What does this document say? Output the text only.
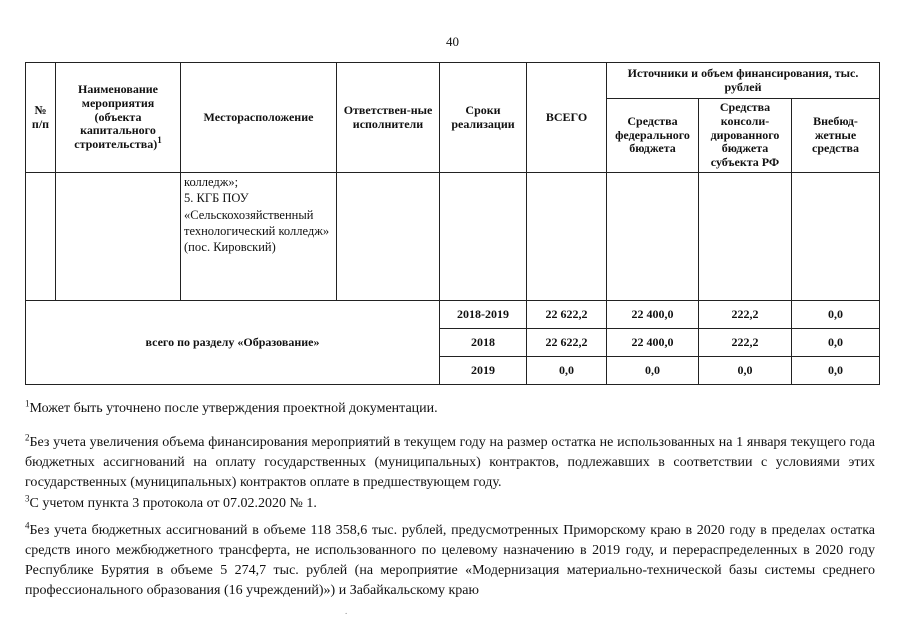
40
№
п/п	Наименование мероприятия (объекта капитального строительства)$^1$	Месторасположение	Ответствен-ные исполнители	Сроки реализации	ВСЕГО	Источники и объем финансирования, тыс. рублей		
						Средства федерального бюджета	Средства консоли-дированного бюджета субъекта РФ	Внебюд-жетные средства
		колледж»;
5. КГБ ПОУ «Сельскохозяйственный технологический колледж»
(пос. Кировский)						
всего по разделу «Образование»				2018-2019	22 622,2	22 400,0	222,2	0,0
				2018	22 622,2	22 400,0	222,2	0,0
				2019	0,0	0,0	0,0	0,0

$^1$Может быть уточнено после утверждения проектной документации.

$^2$Без учета увеличения объема финансирования мероприятий в текущем году на размер остатка не использованных на 1 января текущего года бюджетных ассигнований на оплату государственных (муниципальных) контрактов, подлежавших в соответствии с условиями этих государственных (муниципальных) контрактов оплате в предшествующем году.

$^3$С учетом пункта 3 протокола от 07.02.2020 № 1.

$^4$Без учета бюджетных ассигнований в объеме 118 358,6 тыс. рублей, предусмотренных Приморскому краю в 2020 году в пределах остатка средств иного межбюджетного трансферта, не использованного по целевому назначению в 2019 году, и перераспределенных в 2020 году Республике Бурятия в объеме 5 274,7 тыс. рублей (на мероприятие «Модернизация материально-технической базы системы среднего профессионального образования (16 учреждений)») и Забайкальскому краю

.
